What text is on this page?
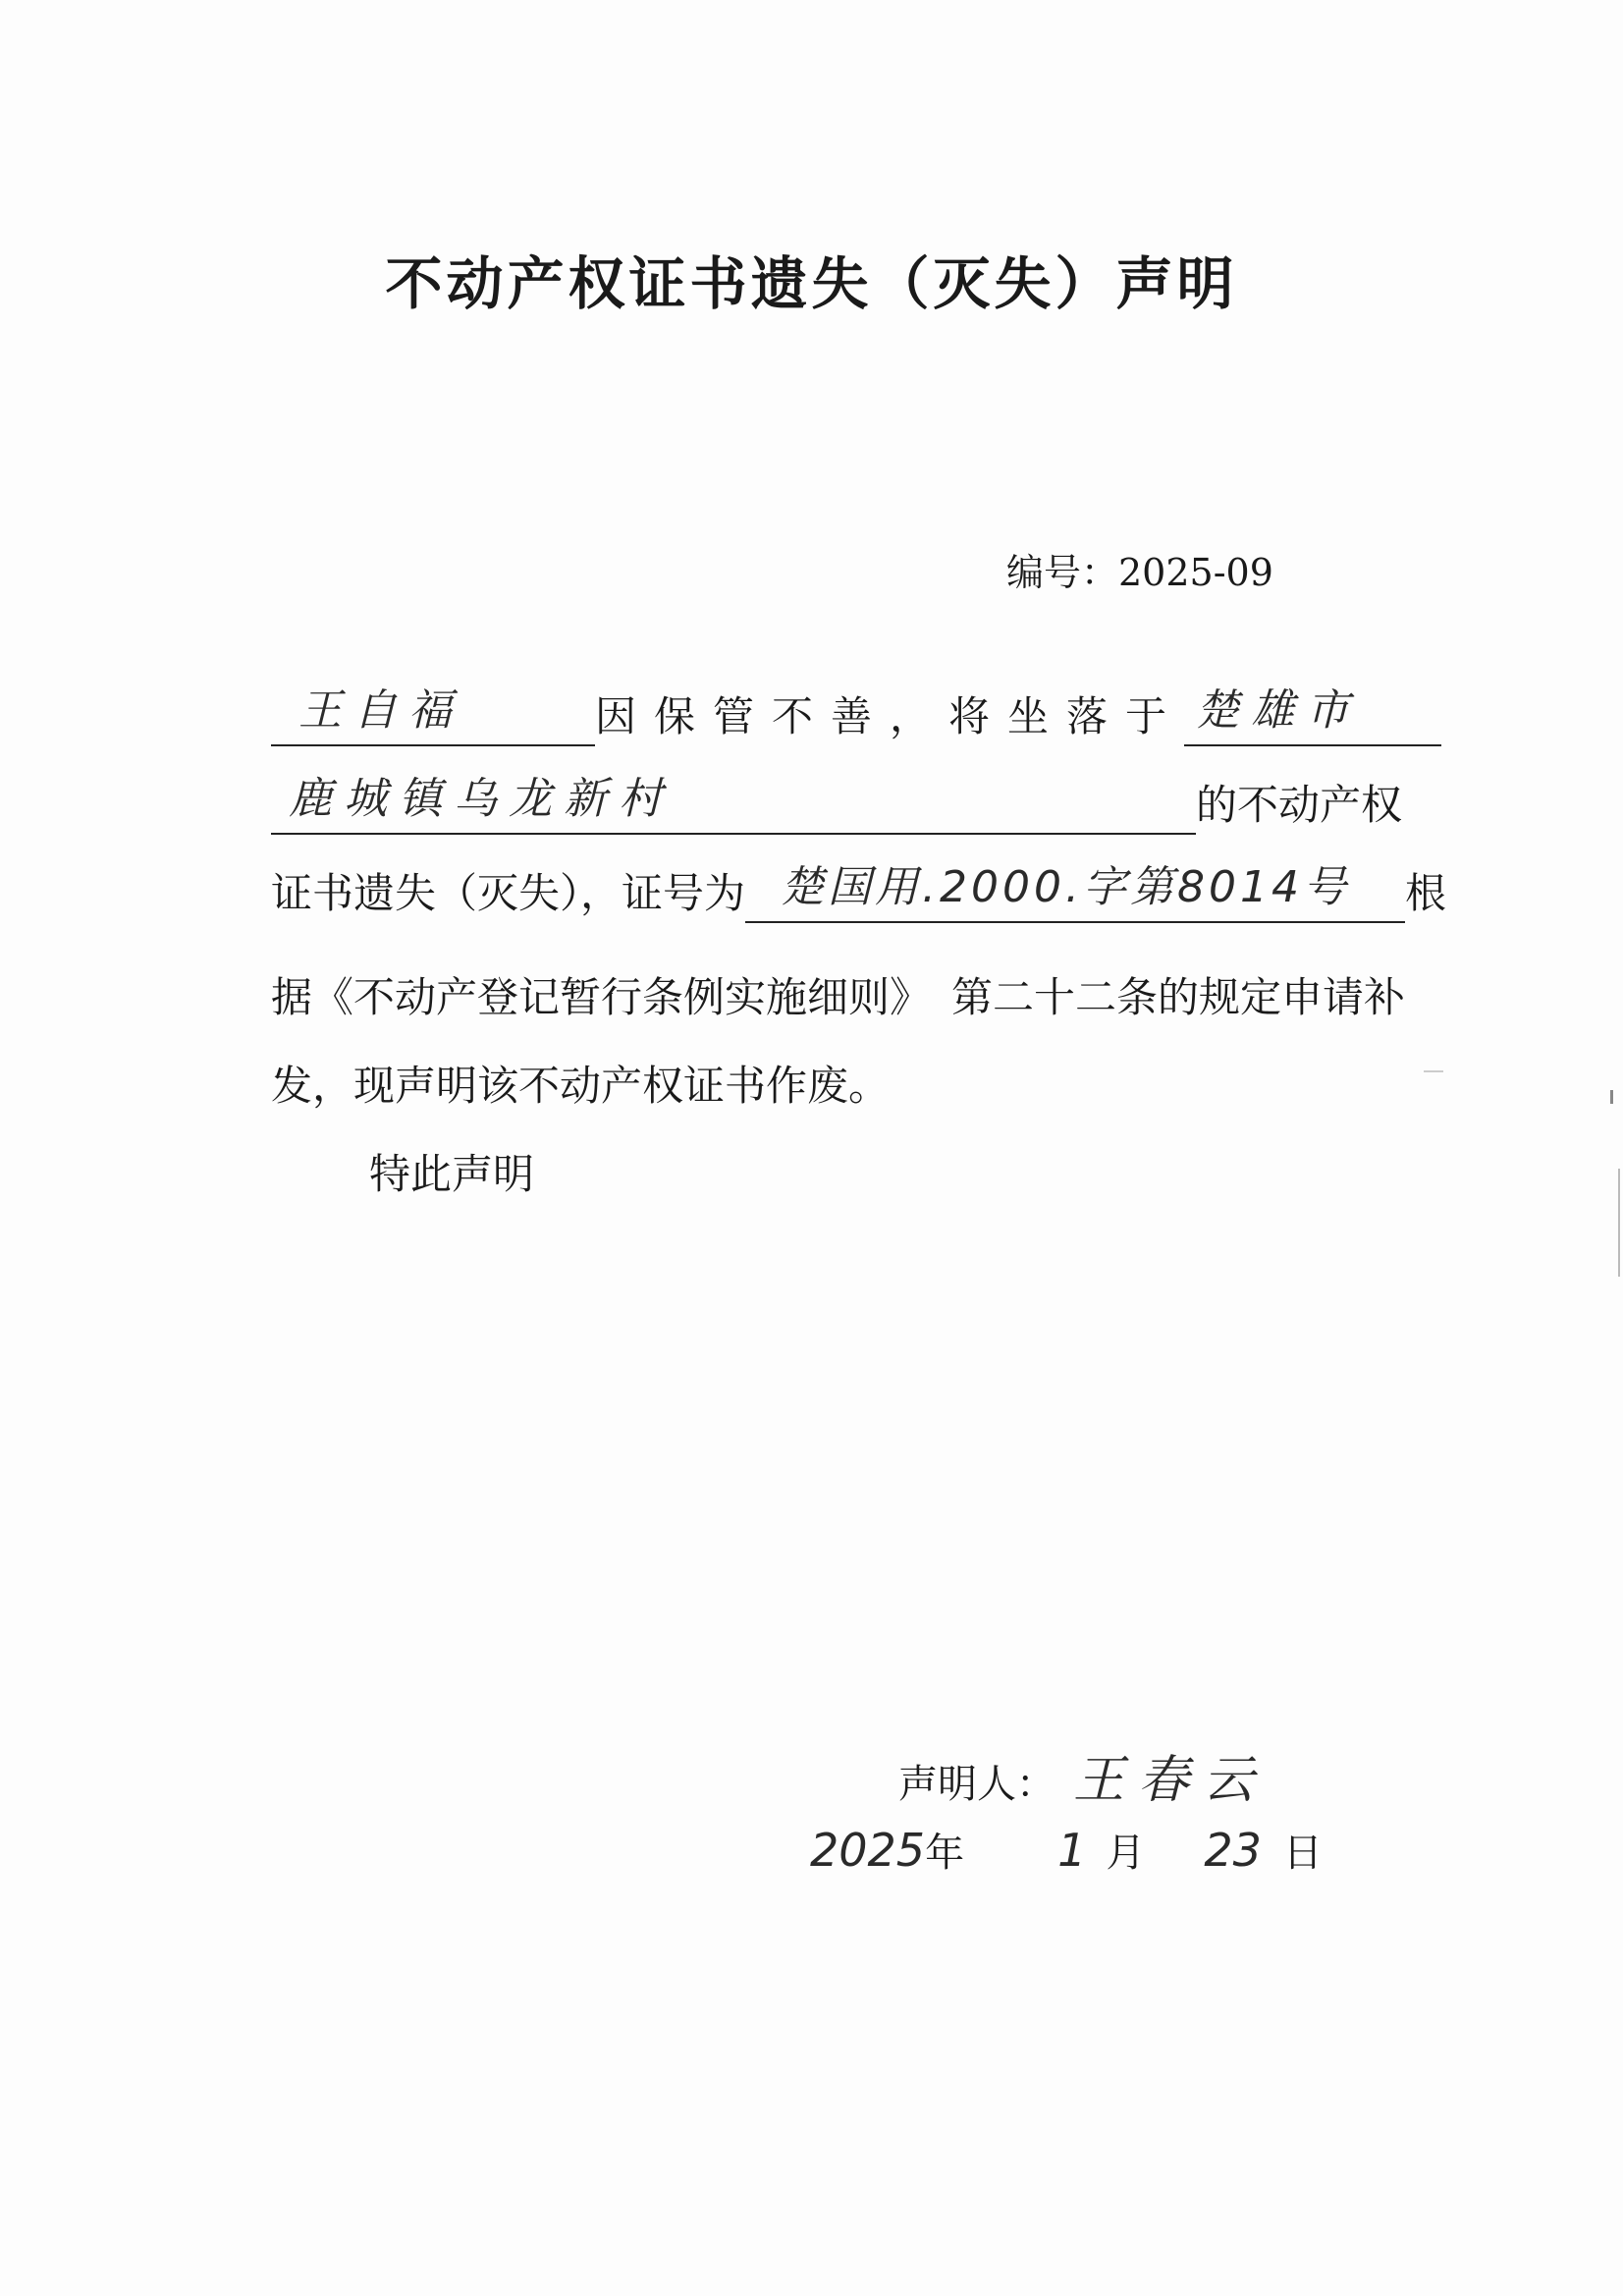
不动产权证书遗失（灭失）声明
编号：2025-09
王自福	因保管不善，将坐落于 楚雄市
鹿城镇乌龙新村	的不动产权
证书遗失（灭失），证号为 楚国用.2000.字第8014号 根
据《不动产登记暂行条例实施细则》　第二十二条的规定申请补
发，现声明该不动产权证书作废。
特此声明
声明人： 王春云
2025年 1 月 23 日
